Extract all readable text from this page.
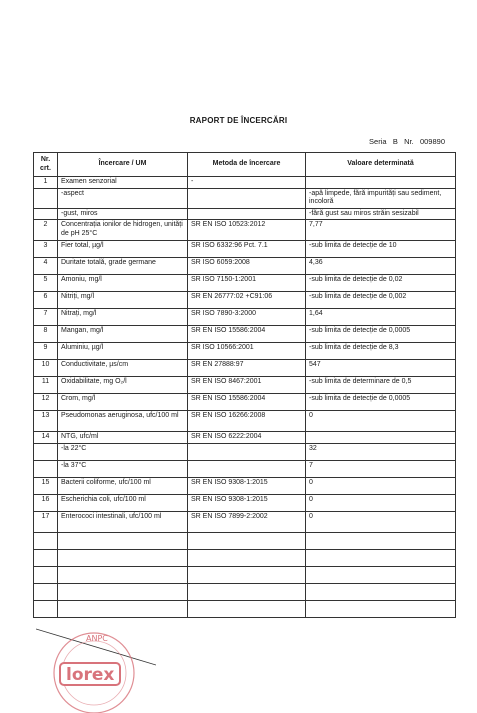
RAPORT DE ÎNCERCĂRI
Seria B Nr. 009890
Nr. crt.	Încercare / UM	Metoda de încercare	Valoare determinată
1	Examen senzorial	-	
	-aspect		-apă limpede, fără impurități sau sediment, incoloră
	-gust, miros		-fără gust sau miros străin sesizabil
2	Concentrația ionilor de hidrogen, unități de pH 25°C	SR EN ISO 10523:2012	7,77
3	Fier total, µg/l	SR ISO 6332:96 Pct. 7.1	-sub limita de detecție de 10
4	Duritate totală, grade germane	SR ISO 6059:2008	4,36
5	Amoniu, mg/l	SR ISO 7150-1:2001	-sub limita de detecție de 0,02
6	Nitriți, mg/l	SR EN 26777:02 +C91:06	-sub limita de detecție de 0,002
7	Nitrați, mg/l	SR ISO 7890-3:2000	1,64
8	Mangan, mg/l	SR EN ISO 15586:2004	-sub limita de detecție de 0,0005
9	Aluminiu, µg/l	SR ISO 10566:2001	-sub limita de detecție de 8,3
10	Conductivitate, µs/cm	SR EN 27888:97	547
11	Oxidabilitate, mg O₂/l	SR EN ISO 8467:2001	-sub limita de determinare de 0,5
12	Crom, mg/l	SR EN ISO 15586:2004	-sub limita de detecție de 0,0005
13	Pseudomonas aeruginosa, ufc/100 ml	SR EN ISO 16266:2008	0
14	NTG, ufc/ml	SR EN ISO 6222:2004	
	-la 22°C		32
	-la 37°C		7
15	Bacterii coliforme, ufc/100 ml	SR EN ISO 9308-1:2015	0
16	Escherichia coli, ufc/100 ml	SR EN ISO 9308-1:2015	0
17	Enterococi intestinali, ufc/100 ml	SR EN ISO 7899-2:2002	0

ANPC
lorex
